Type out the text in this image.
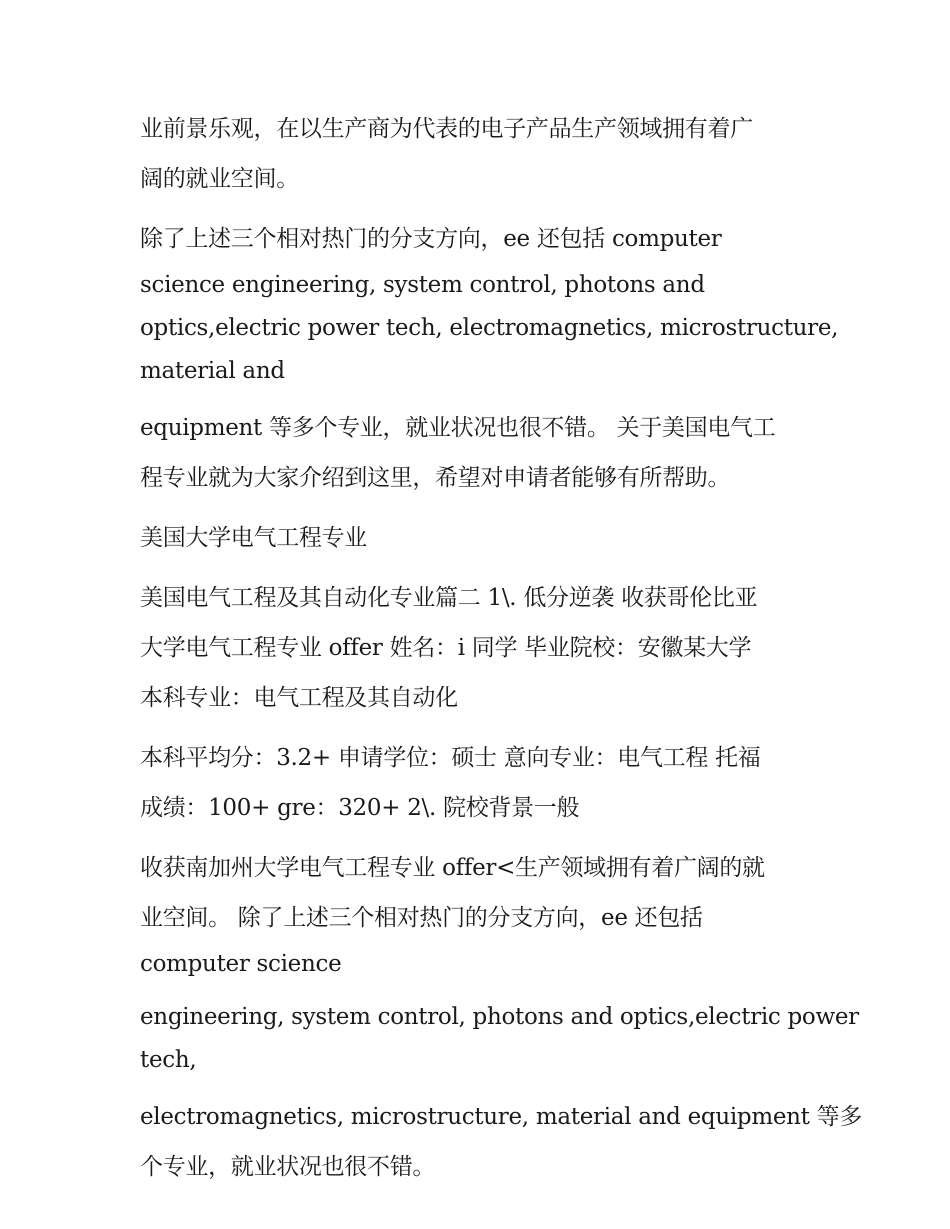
业前景乐观，在以生产商为代表的电子产品生产领域拥有着广
阔的就业空间。

除了上述三个相对热门的分支方向，ee 还包括 computer
science engineering, system control, photons and
optics,electric power tech, electromagnetics, microstructure,
material and

equipment 等多个专业，就业状况也很不错。 关于美国电气工
程专业就为大家介绍到这里，希望对申请者能够有所帮助。

美国大学电气工程专业

美国电气工程及其自动化专业篇二 1\. 低分逆袭 收获哥伦比亚
大学电气工程专业 offer 姓名：i 同学 毕业院校：安徽某大学
本科专业：电气工程及其自动化

本科平均分：3.2+ 申请学位：硕士 意向专业：电气工程 托福
成绩：100+ gre：320+ 2\. 院校背景一般

收获南加州大学电气工程专业 offer<生产领域拥有着广阔的就
业空间。 除了上述三个相对热门的分支方向，ee 还包括
computer science

engineering, system control, photons and optics,electric power
tech,

electromagnetics, microstructure, material and equipment 等多
个专业，就业状况也很不错。
